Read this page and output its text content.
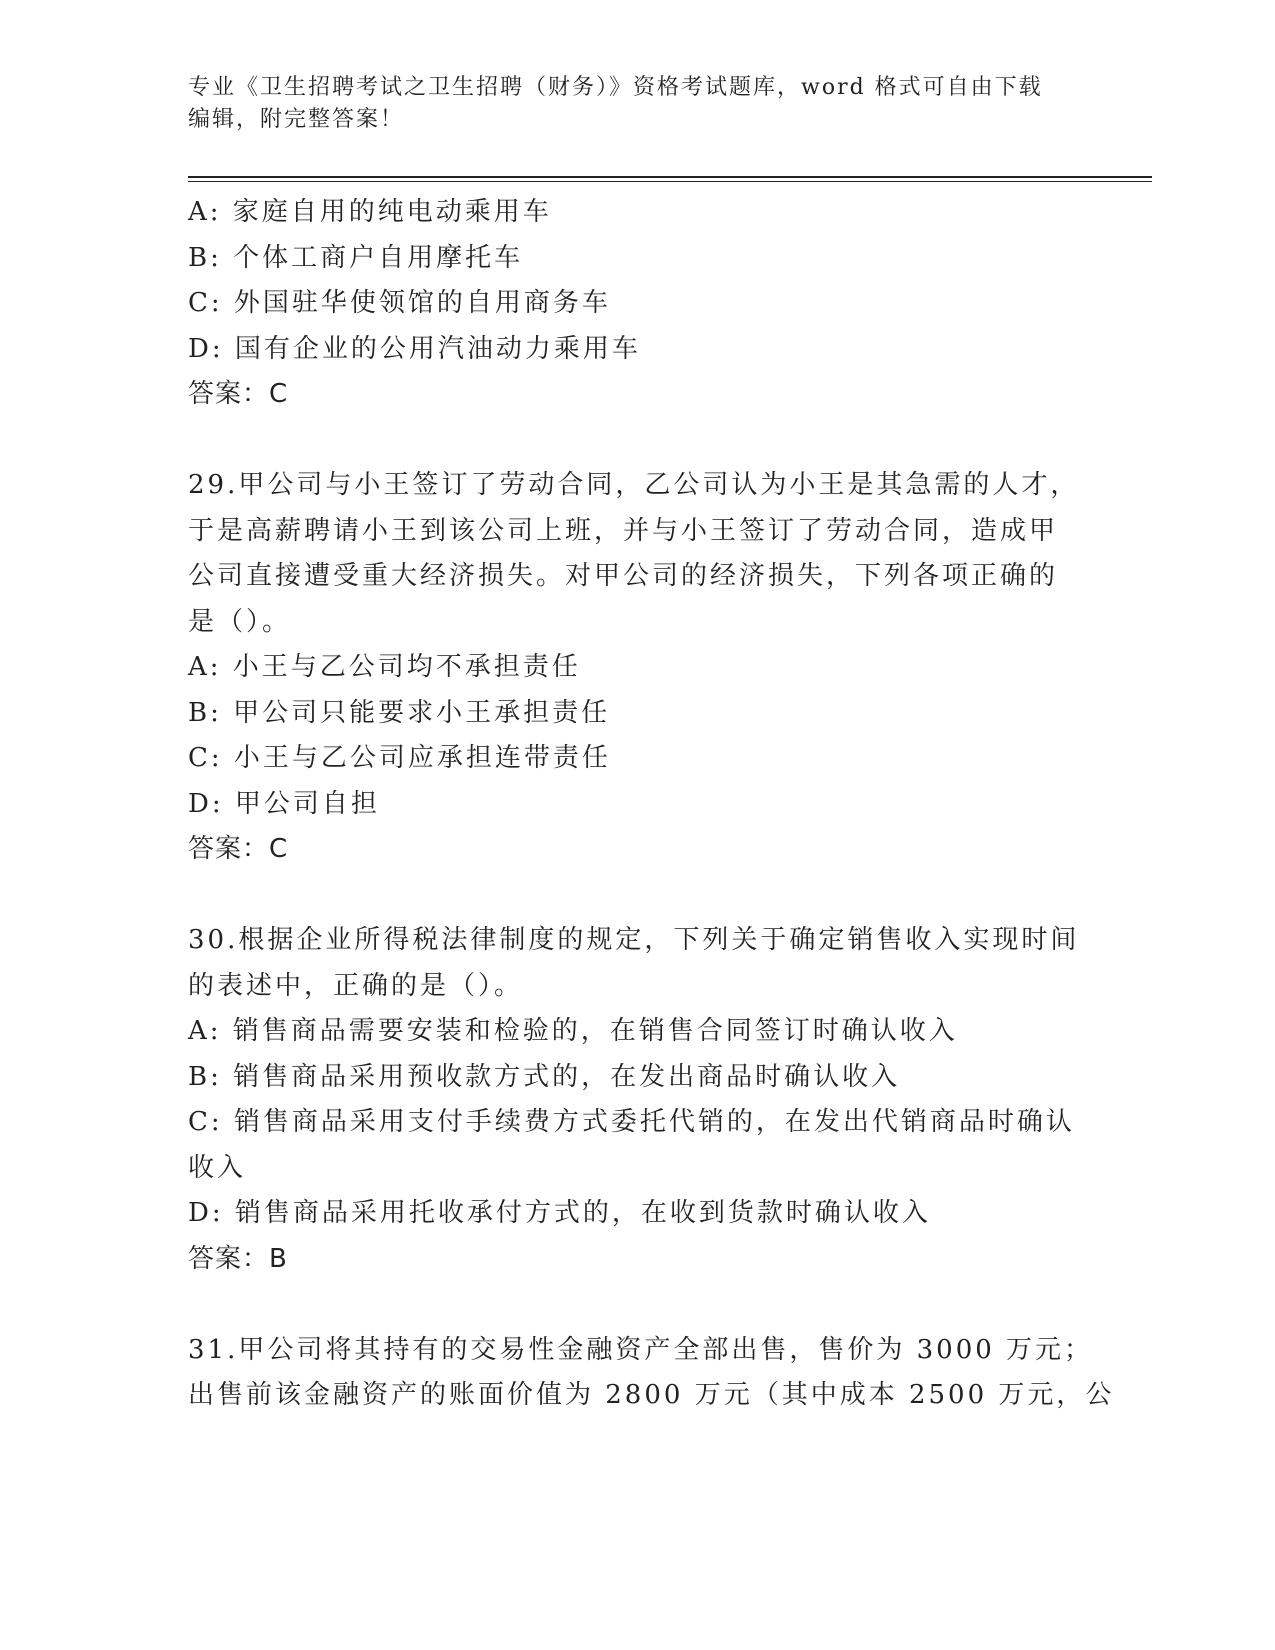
专业《卫生招聘考试之卫生招聘（财务）》资格考试题库，word 格式可自由下载
编辑，附完整答案！
A: 家庭自用的纯电动乘用车
B: 个体工商户自用摩托车
C: 外国驻华使领馆的自用商务车
D: 国有企业的公用汽油动力乘用车
答案：C
29.甲公司与小王签订了劳动合同，乙公司认为小王是其急需的人才，
于是高薪聘请小王到该公司上班，并与小王签订了劳动合同，造成甲
公司直接遭受重大经济损失。对甲公司的经济损失，下列各项正确的
是（）。
A: 小王与乙公司均不承担责任
B: 甲公司只能要求小王承担责任
C: 小王与乙公司应承担连带责任
D: 甲公司自担
答案：C
30.根据企业所得税法律制度的规定，下列关于确定销售收入实现时间
的表述中，正确的是（）。
A: 销售商品需要安装和检验的，在销售合同签订时确认收入
B: 销售商品采用预收款方式的，在发出商品时确认收入
C: 销售商品采用支付手续费方式委托代销的，在发出代销商品时确认
收入
D: 销售商品采用托收承付方式的，在收到货款时确认收入
答案：B
31.甲公司将其持有的交易性金融资产全部出售，售价为 3000 万元；
出售前该金融资产的账面价值为 2800 万元（其中成本 2500 万元，公
